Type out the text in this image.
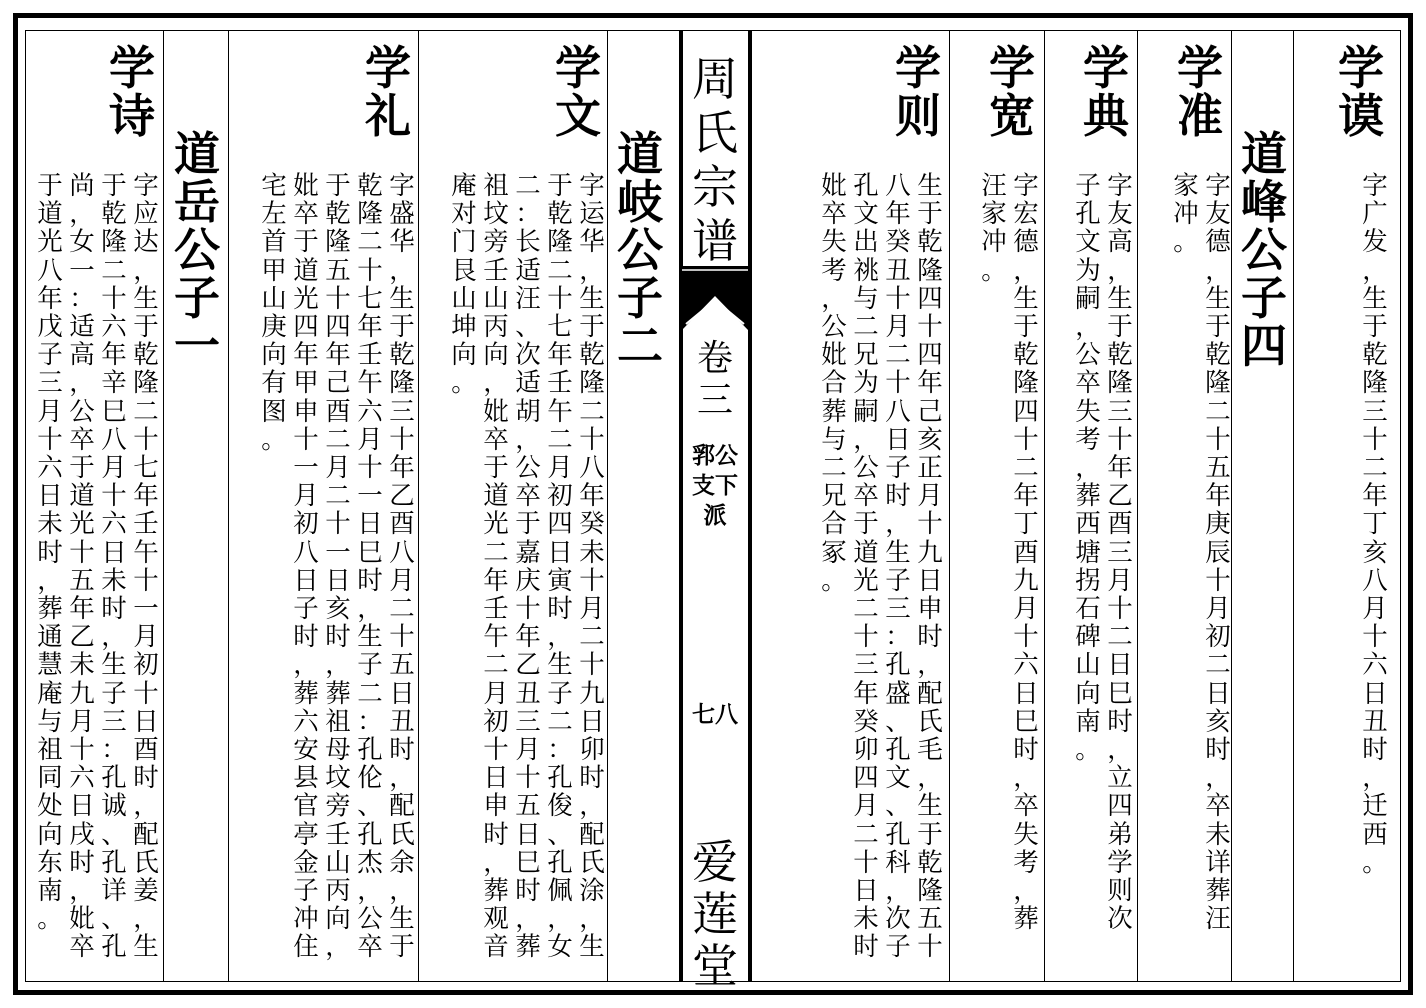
周氏宗谱
卷三
郛公支下派
七八
爱莲堂
学
谟
字
广
发
，
生
于
乾
隆
三
十
二
年
丁
亥
八
月
十
六
日
丑
时
，
迁
西
。
道
峰
公
子
四
学
准
字
友
德
，
生
于
乾
隆
二
十
五
年
庚
辰
十
月
初
二
日
亥
时
，
卒
未
详
葬
汪
家
冲
。
学
典
字
友
高
，
生
于
乾
隆
三
十
年
乙
酉
三
月
十
二
日
巳
时
，
立
四
弟
学
则
次
子
孔
文
为
嗣
，
公
卒
失
考
，
葬
西
塘
拐
石
碑
山
向
南
。
学
宽
字
宏
德
，
生
于
乾
隆
四
十
二
年
丁
酉
九
月
十
六
日
巳
时
，
卒
失
考
，
葬
汪
家
冲
。
学
则
生
于
乾
隆
四
十
四
年
己
亥
正
月
十
九
日
申
时
，
配
氏
毛
，
生
于
乾
隆
五
十
八
年
癸
丑
十
月
二
十
八
日
子
时
，
生
子
三
：
孔
盛
、
孔
文
、
孔
科
，
次
子
孔
文
出
祧
与
二
兄
为
嗣
，
公
卒
于
道
光
二
十
三
年
癸
卯
四
月
二
十
日
未
时
妣
卒
失
考
，
公
妣
合
葬
与
二
兄
合
冢
。
学
文
字
运
华
，
生
于
乾
隆
二
十
八
年
癸
未
十
月
二
十
九
日
卯
时
，
配
氏
涂
，
生
于
乾
隆
二
十
七
年
壬
午
二
月
初
四
日
寅
时
，
生
子
二
：
孔
俊
、
孔
佩
，
女
二
：
长
适
汪
、
次
适
胡
，
公
卒
于
嘉
庆
十
年
乙
丑
三
月
十
五
日
巳
时
，
葬
祖
坟
旁
壬
山
丙
向
，
妣
卒
于
道
光
二
年
壬
午
二
月
初
十
日
申
时
，
葬
观
音
庵
对
门
艮
山
坤
向
。
道
岐
公
子
二
学
礼
字
盛
华
，
生
于
乾
隆
三
十
年
乙
酉
八
月
二
十
五
日
丑
时
，
配
氏
余
，
生
于
乾
隆
二
十
七
年
壬
午
六
月
十
一
日
巳
时
，
生
子
二
：
孔
伦
、
孔
杰
，
公
卒
于
乾
隆
五
十
四
年
己
酉
二
月
二
十
一
日
亥
时
，
葬
祖
母
坟
旁
壬
山
丙
向
，
妣
卒
于
道
光
四
年
甲
申
十
一
月
初
八
日
子
时
，
葬
六
安
县
官
亭
金
子
冲
住
宅
左
首
甲
山
庚
向
有
图
。
道
岳
公
子
一
学
诗
字
应
达
，
生
于
乾
隆
二
十
七
年
壬
午
十
一
月
初
十
日
酉
时
，
配
氏
姜
，
生
于
乾
隆
二
十
六
年
辛
巳
八
月
十
六
日
未
时
，
生
子
三
：
孔
诚
、
孔
详
、
孔
尚
，
女
一
：
适
高
，
公
卒
于
道
光
十
五
年
乙
未
九
月
十
六
日
戌
时
，
妣
卒
于
道
光
八
年
戊
子
三
月
十
六
日
未
时
，
葬
通
慧
庵
与
祖
同
处
向
东
南
。
